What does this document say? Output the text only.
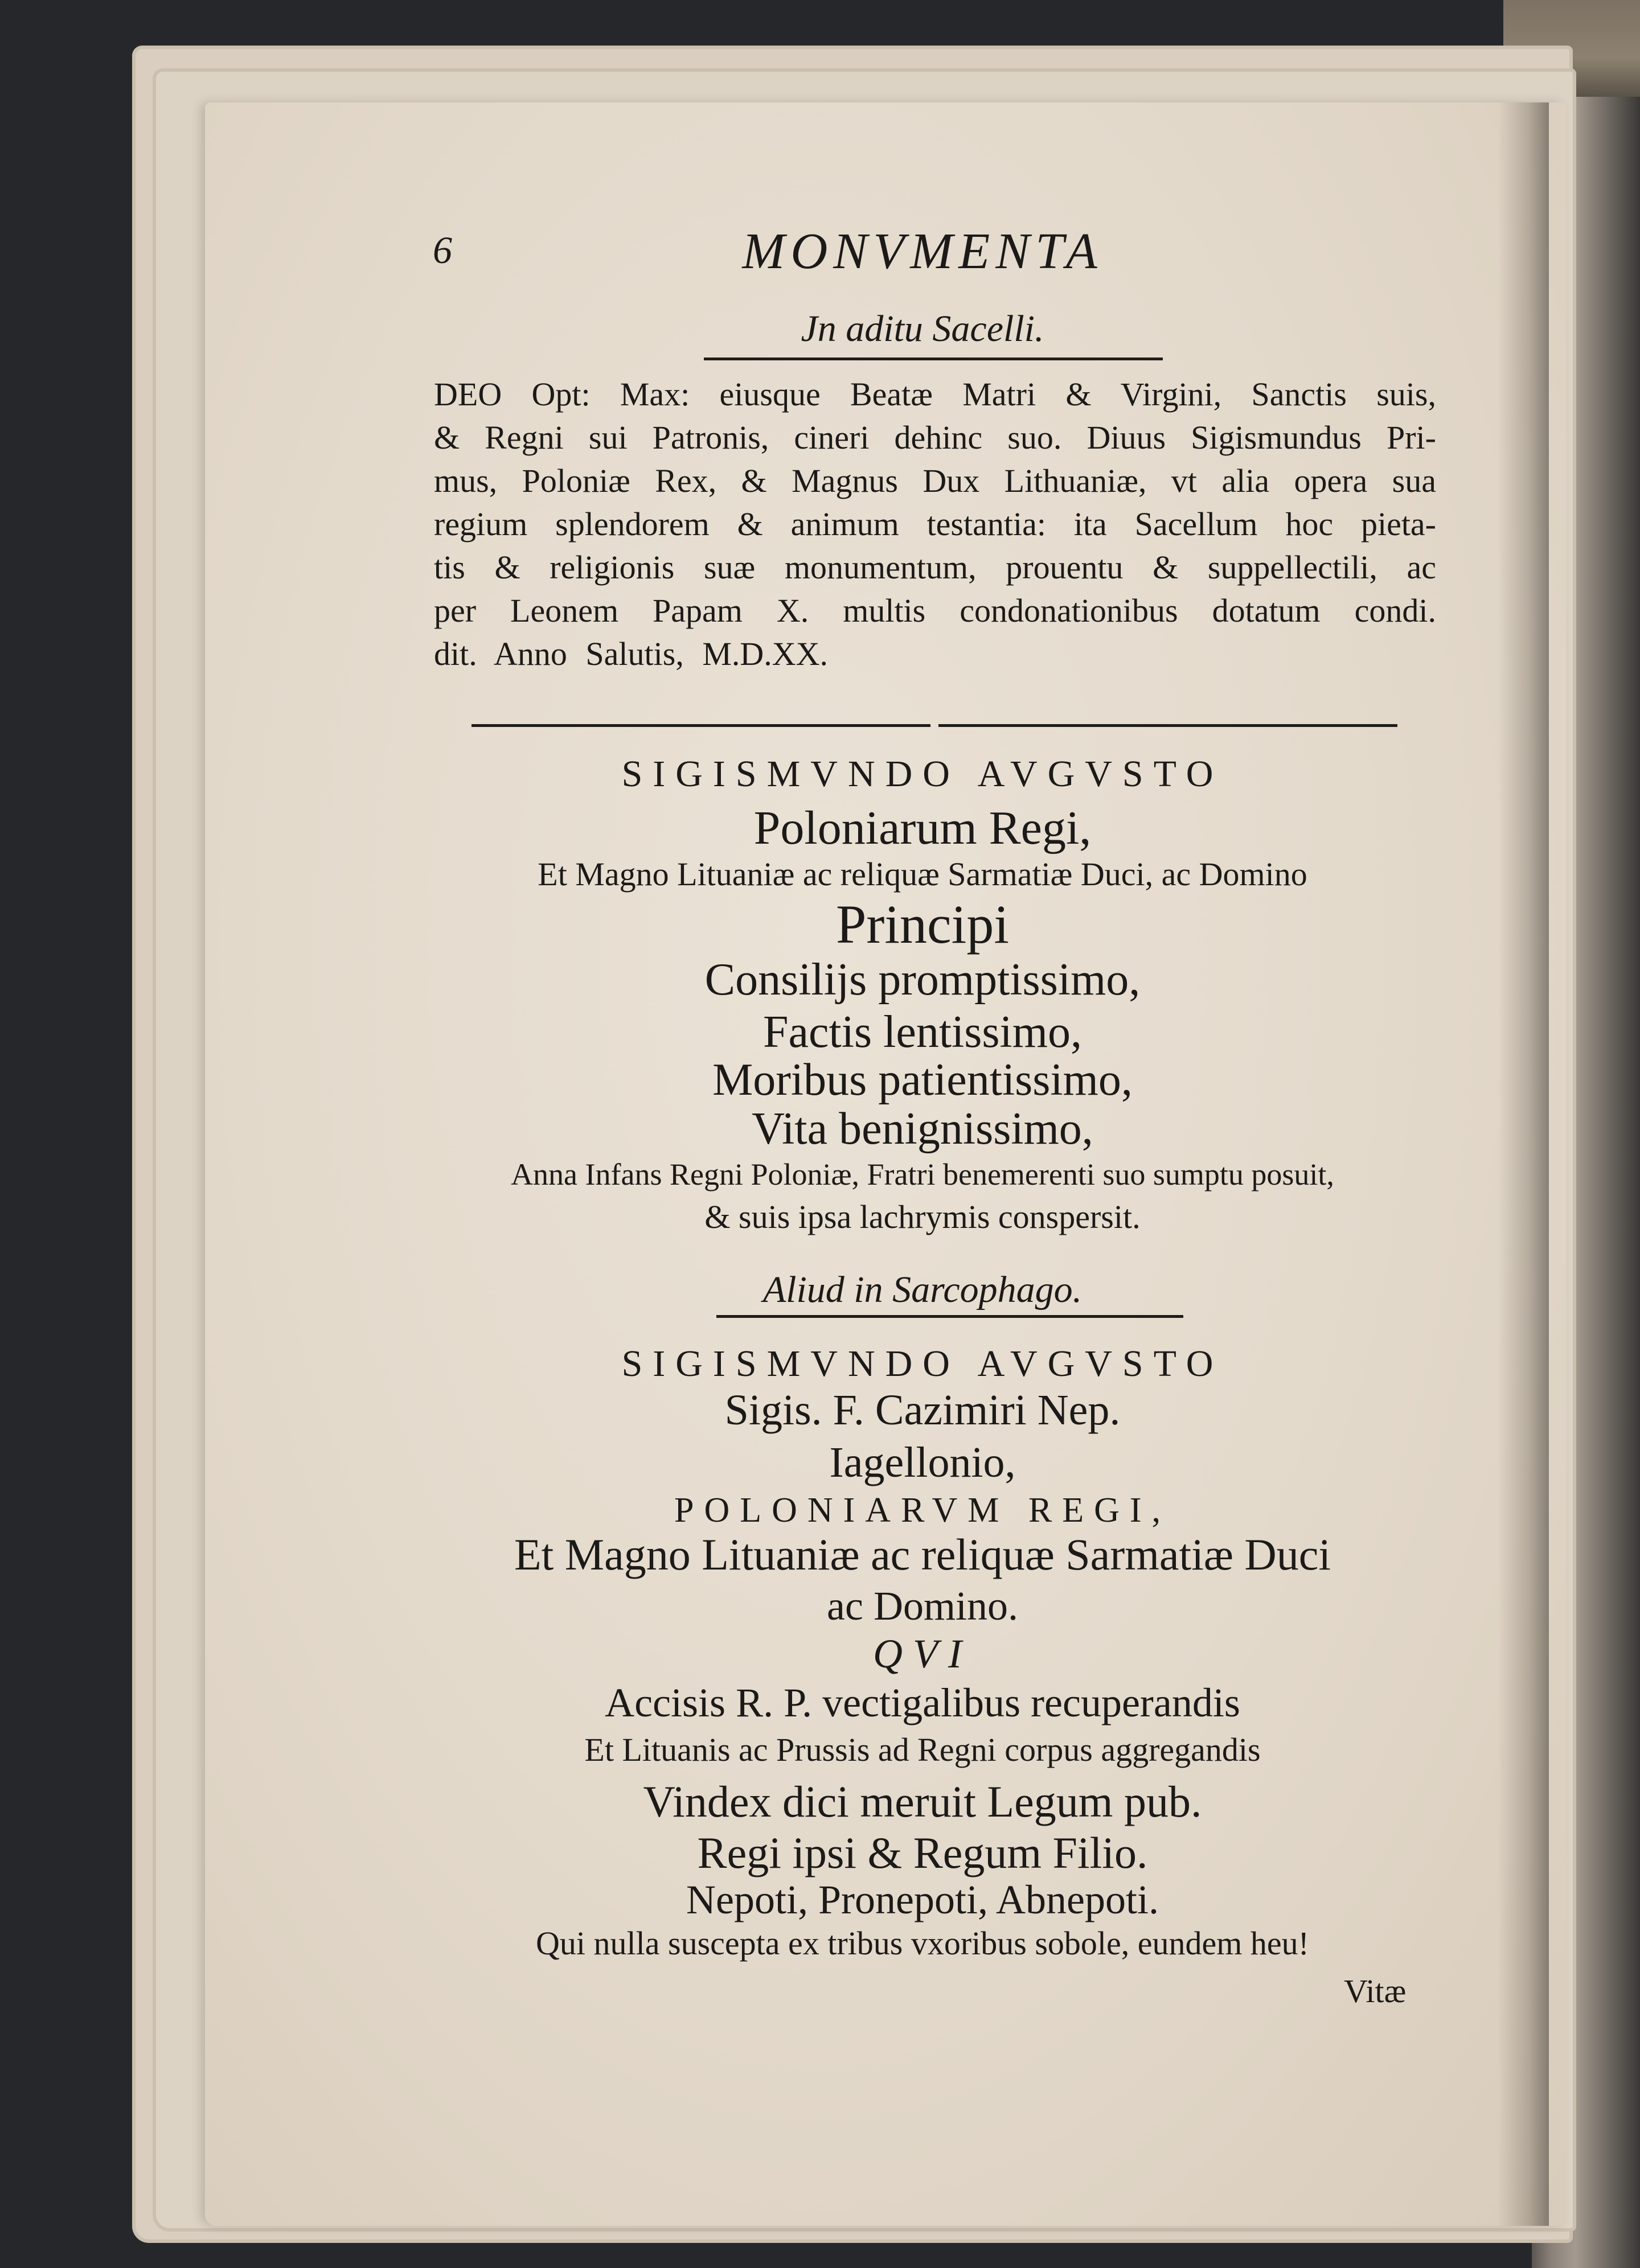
6	MONVMENTA
Jn aditu Sacelli.
DEO Opt: Max: eiusque Beatæ Matri & Virgini, Sanctis suis,
& Regni sui Patronis, cineri dehinc suo. Diuus Sigismundus Pri-
mus, Poloniæ Rex, & Magnus Dux Lithuaniæ, vt alia opera sua
regium splendorem & animum testantia: ita Sacellum hoc pieta-
tis & religionis suæ monumentum, prouentu & suppellectili, ac
per Leonem Papam X. multis condonationibus dotatum condi.
dit. Anno Salutis, M.D.XX.
SIGISMVNDO AVGVSTO
Poloniarum Regi,
Et Magno Lituaniæ ac reliquæ Sarmatiæ Duci, ac Domino
Principi
Consilijs promptissimo,
Factis lentissimo,
Moribus patientissimo,
Vita benignissimo,
Anna Infans Regni Poloniæ, Fratri benemerenti suo sumptu posuit,
& suis ipsa lachrymis conspersit.
Aliud in Sarcophago.
SIGISMVNDO AVGVSTO
Sigis. F. Cazimiri Nep.
Iagellonio,
POLONIARVM REGI,
Et Magno Lituaniæ ac reliquæ Sarmatiæ Duci
ac Domino.
QVI
Accisis R. P. vectigalibus recuperandis
Et Lituanis ac Prussis ad Regni corpus aggregandis
Vindex dici meruit Legum pub.
Regi ipsi & Regum Filio.
Nepoti, Pronepoti, Abnepoti.
Qui nulla suscepta ex tribus vxoribus sobole, eundem heu!
Vitæ
